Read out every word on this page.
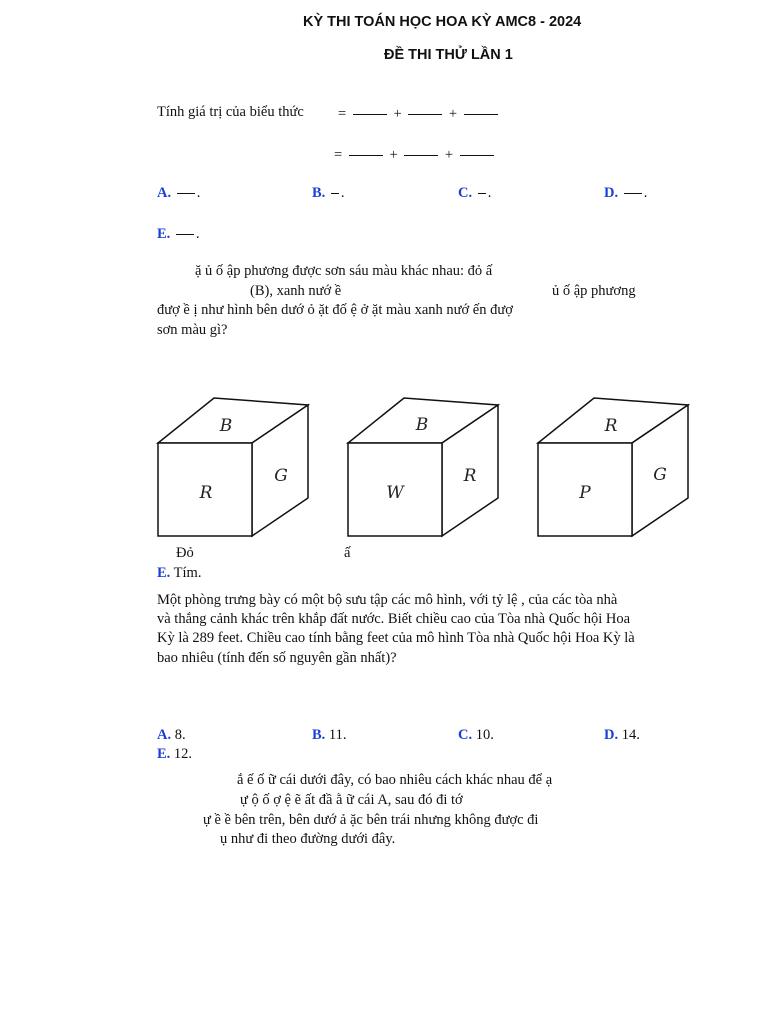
KỲ THI TOÁN HỌC HOA KỲ AMC8 - 2024
ĐỀ THI THỬ LẦN 1
Tính giá trị của biểu thức =	+	+
=	+	+
A. .	B. .	C. .	D. .
E. .
ặ ủ ố ập phương được sơn sáu màu khác nhau: đỏ ấ
(B), xanh nướ ề	ủ ố ập phương
đượ ề ị như hình bên dướ ỏ ặt đố ệ ở ặt màu xanh nướ ến đượ
sơn màu gì?
B
R
G
B
W
R
R
P
G
Đỏ	ấ
E. Tím.
Một phòng trưng bày có một bộ sưu tập các mô hình, với tỷ lệ , của các tòa nhà
và thắng cảnh khác trên khắp đất nước. Biết chiều cao của Tòa nhà Quốc hội Hoa
Kỳ là 289 feet. Chiều cao tính bằng feet của mô hình Tòa nhà Quốc hội Hoa Kỳ là
bao nhiêu (tính đến số nguyên gần nhất)?
A. 8.	B. 11.	C. 10.	D. 14.
E. 12.
ắ ế ố ữ cái dưới đây, có bao nhiêu cách khác nhau để ạ
ự ộ ố ợ ệ ẽ ất đầ ằ ữ cái A, sau đó đi tớ
ự ề ề bên trên, bên dướ ả ặc bên trái nhưng không được đi
ụ như đi theo đường dưới đây.
